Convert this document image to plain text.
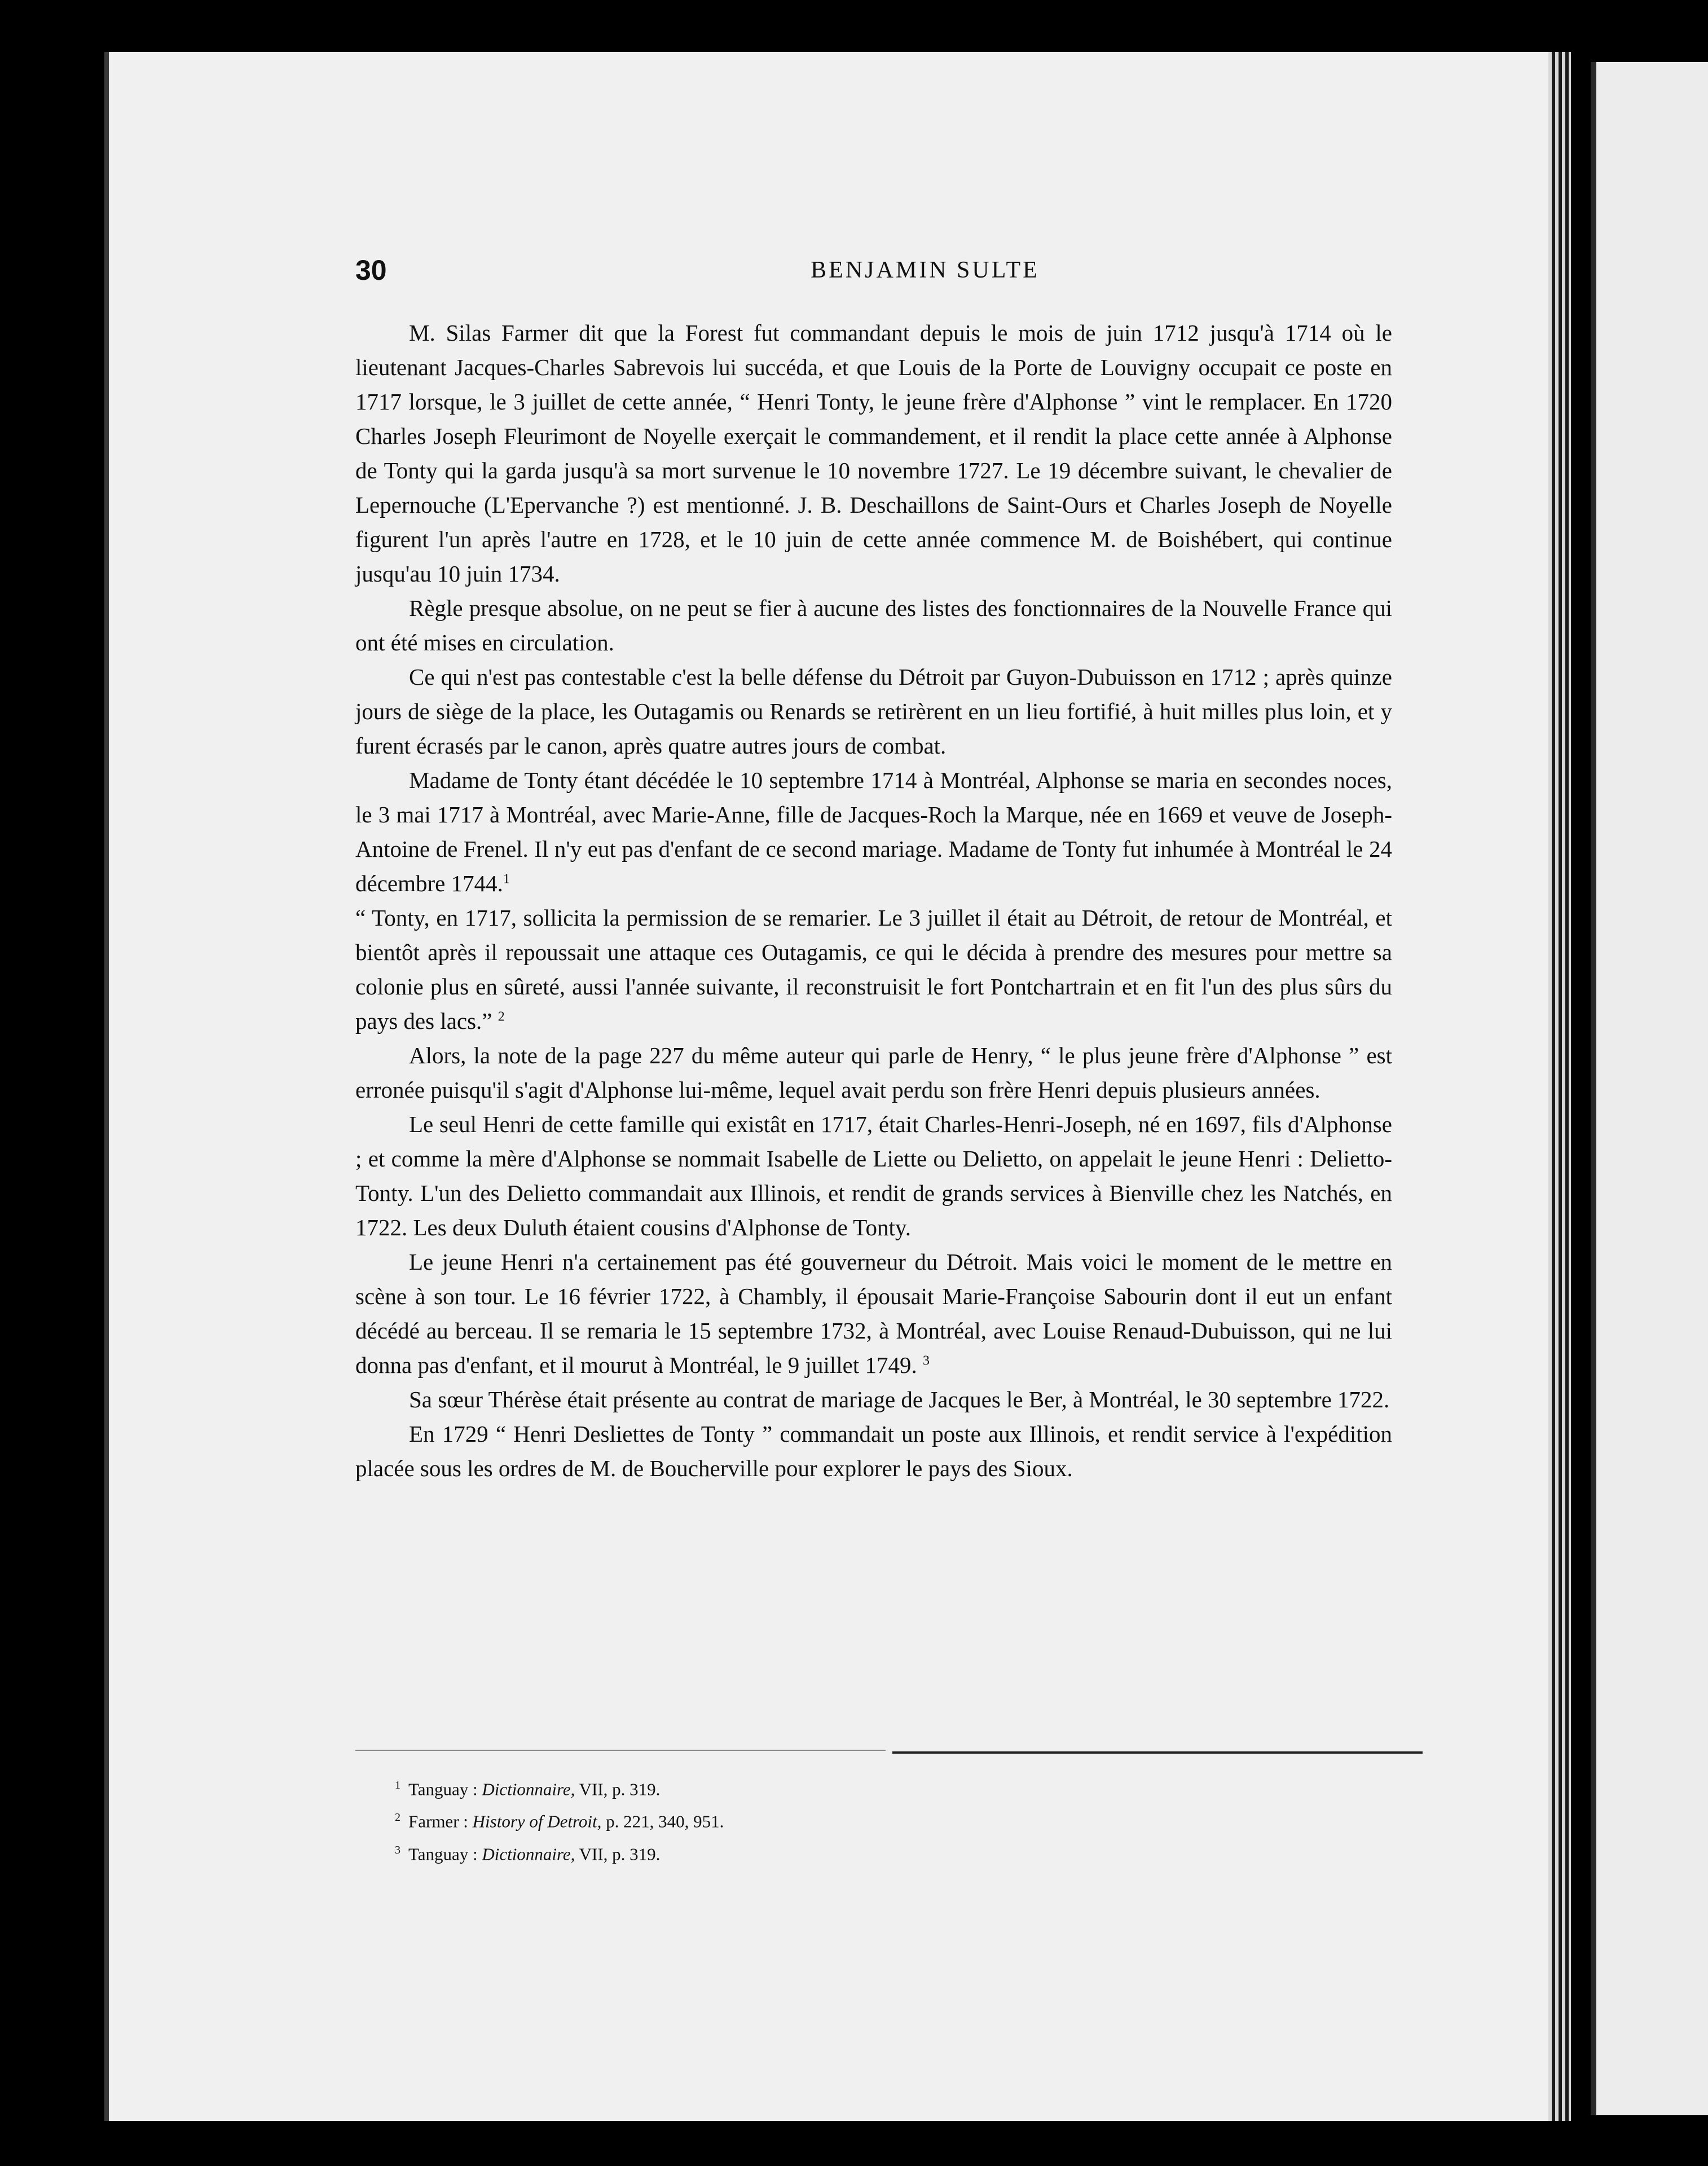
30	BENJAMIN SULTE

M. Silas Farmer dit que la Forest fut commandant depuis le mois de juin 1712 jusqu'à 1714 où le lieutenant Jacques-Charles Sabrevois lui succéda, et que Louis de la Porte de Louvigny occupait ce poste en 1717 lorsque, le 3 juillet de cette année, “ Henri Tonty, le jeune frère d'Alphonse ” vint le remplacer. En 1720 Charles Joseph Fleurimont de Noyelle exerçait le commandement, et il rendit la place cette année à Alphonse de Tonty qui la garda jusqu'à sa mort survenue le 10 novembre 1727. Le 19 décembre suivant, le chevalier de Lepernouche (L'Epervanche ?) est mentionné. J. B. Deschaillons de Saint-Ours et Charles Joseph de Noyelle figurent l'un après l'autre en 1728, et le 10 juin de cette année commence M. de Boishébert, qui continue jusqu'au 10 juin 1734.

Règle presque absolue, on ne peut se fier à aucune des listes des fonctionnaires de la Nouvelle France qui ont été mises en circulation.

Ce qui n'est pas contestable c'est la belle défense du Détroit par Guyon-Dubuisson en 1712 ; après quinze jours de siège de la place, les Outagamis ou Renards se retirèrent en un lieu fortifié, à huit milles plus loin, et y furent écrasés par le canon, après quatre autres jours de combat.

Madame de Tonty étant décédée le 10 septembre 1714 à Montréal, Alphonse se maria en secondes noces, le 3 mai 1717 à Montréal, avec Marie-Anne, fille de Jacques-Roch la Marque, née en 1669 et veuve de Joseph-Antoine de Frenel. Il n'y eut pas d'enfant de ce second mariage. Madame de Tonty fut inhumée à Montréal le 24 décembre 1744.$^1$

“ Tonty, en 1717, sollicita la permission de se remarier. Le 3 juillet il était au Détroit, de retour de Montréal, et bientôt après il repoussait une attaque ces Outagamis, ce qui le décida à prendre des mesures pour mettre sa colonie plus en sûreté, aussi l'année suivante, il reconstruisit le fort Pontchartrain et en fit l'un des plus sûrs du pays des lacs.” $^2$

Alors, la note de la page 227 du même auteur qui parle de Henry, “ le plus jeune frère d'Alphonse ” est erronée puisqu'il s'agit d'Alphonse lui-même, lequel avait perdu son frère Henri depuis plusieurs années.

Le seul Henri de cette famille qui existât en 1717, était Charles-Henri-Joseph, né en 1697, fils d'Alphonse ; et comme la mère d'Alphonse se nommait Isabelle de Liette ou Delietto, on appelait le jeune Henri : Delietto-Tonty. L'un des Delietto commandait aux Illinois, et rendit de grands services à Bienville chez les Natchés, en 1722. Les deux Duluth étaient cousins d'Alphonse de Tonty.

Le jeune Henri n'a certainement pas été gouverneur du Détroit. Mais voici le moment de le mettre en scène à son tour. Le 16 février 1722, à Chambly, il épousait Marie-Françoise Sabourin dont il eut un enfant décédé au berceau. Il se remaria le 15 septembre 1732, à Montréal, avec Louise Renaud-Dubuisson, qui ne lui donna pas d'enfant, et il mourut à Montréal, le 9 juillet 1749. $^3$

Sa sœur Thérèse était présente au contrat de mariage de Jacques le Ber, à Montréal, le 30 septembre 1722.

En 1729 “ Henri Desliettes de Tonty ” commandait un poste aux Illinois, et rendit service à l'expédition placée sous les ordres de M. de Boucherville pour explorer le pays des Sioux.

$^1$ Tanguay : Dictionnaire, VII, p. 319.
$^2$ Farmer : History of Detroit, p. 221, 340, 951.
$^3$ Tanguay : Dictionnaire, VII, p. 319.
